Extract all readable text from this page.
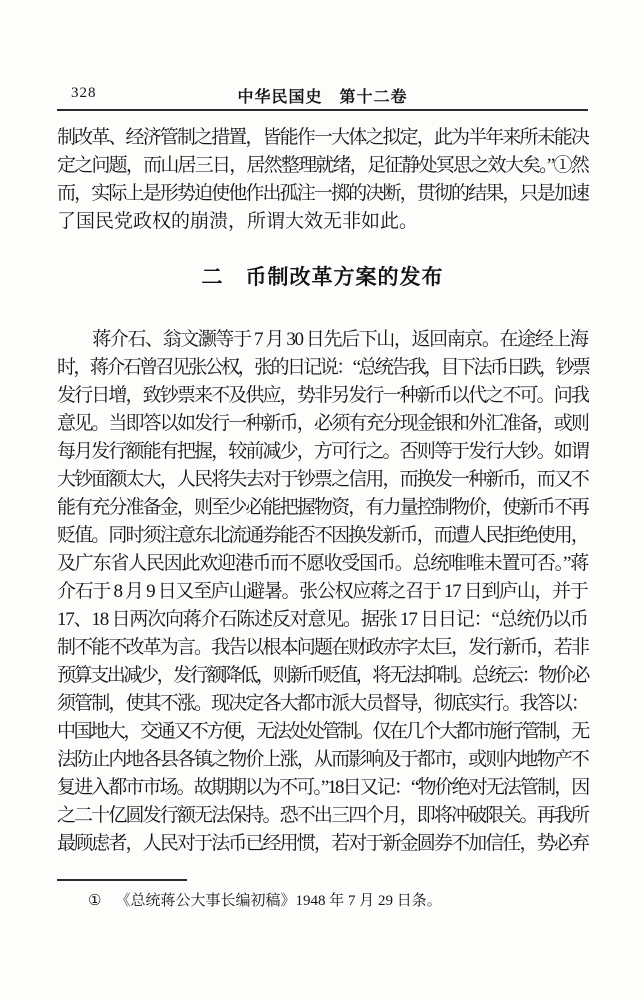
328	中华民国史　第十二卷
制改革、经济管制之措置，皆能作一大体之拟定，此为半年来所未能决
定之问题，而山居三日，居然整理就绪，足征静处冥思之效大矣。”①然
而，实际上是形势迫使他作出孤注一掷的决断，贯彻的结果，只是加速
了国民党政权的崩溃，所谓大效无非如此。
二　币制改革方案的发布
　　蒋介石、翁文灏等于 7 月 30 日先后下山，返回南京。在途经上海
时，蒋介石曾召见张公权，张的日记说：“总统告我，目下法币日跌，钞票
发行日增，致钞票来不及供应，势非另发行一种新币以代之不可。问我
意见。当即答以如发行一种新币，必须有充分现金银和外汇准备，或则
每月发行额能有把握，较前减少，方可行之。否则等于发行大钞。如谓
大钞面额太大，人民将失去对于钞票之信用，而换发一种新币，而又不
能有充分准备金，则至少必能把握物资，有力量控制物价，使新币不再
贬值。同时须注意东北流通券能否不因换发新币，而遭人民拒绝使用，
及广东省人民因此欢迎港币而不愿收受国币。总统唯唯未置可否。”蒋
介石于 8 月 9 日又至庐山避暑。张公权应蒋之召于 17 日到庐山，并于
17、18 日两次向蒋介石陈述反对意见。据张 17 日日记：“总统仍以币
制不能不改革为言。我告以根本问题在财政赤字太巨，发行新币，若非
预算支出减少，发行额降低，则新币贬值，将无法抑制。总统云：物价必
须管制，使其不涨。现决定各大都市派大员督导，彻底实行。我答以：
中国地大，交通又不方便，无法处处管制。仅在几个大都市施行管制，无
法防止内地各县各镇之物价上涨，从而影响及于都市，或则内地物产不
复进入都市市场。故期期以为不可。”18日又记：“物价绝对无法管制，因
之二十亿圆发行额无法保持。恐不出三四个月，即将冲破限关。再我所
最顾虑者，人民对于法币已经用惯，若对于新金圆券不加信任，势必弃
① 《总统蒋公大事长编初稿》1948 年 7 月 29 日条。
